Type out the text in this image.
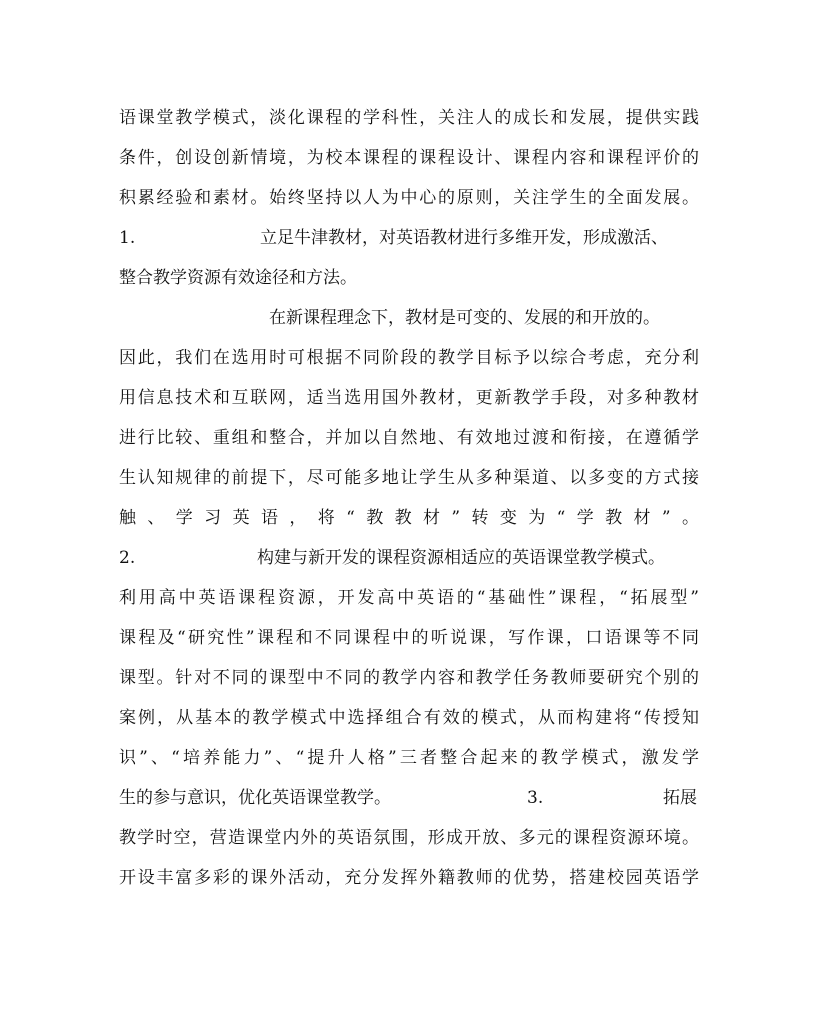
语课堂教学模式，淡化课程的学科性，关注人的成长和发展，提供实践
条件，创设创新情境，为校本课程的课程设计、课程内容和课程评价的
积累经验和素材。始终坚持以人为中心的原则，关注学生的全面发展。
1.	立足牛津教材，对英语教材进行多维开发，形成激活、
整合教学资源有效途径和方法。
在新课程理念下，教材是可变的、发展的和开放的。
因此，我们在选用时可根据不同阶段的教学目标予以综合考虑，充分利
用信息技术和互联网，适当选用国外教材，更新教学手段，对多种教材
进行比较、重组和整合，并加以自然地、有效地过渡和衔接，在遵循学
生认知规律的前提下，尽可能多地让学生从多种渠道、以多变的方式接
触、学习英语，将“教教材”转变为“学教材”。
2.	构建与新开发的课程资源相适应的英语课堂教学模式。
利用高中英语课程资源，开发高中英语的“基础性”课程，“拓展型”
课程及“研究性”课程和不同课程中的听说课，写作课，口语课等不同
课型。针对不同的课型中不同的教学内容和教学任务教师要研究个别的
案例，从基本的教学模式中选择组合有效的模式，从而构建将“传授知
识”、“培养能力”、“提升人格”三者整合起来的教学模式，激发学
生的参与意识，优化英语课堂教学。	3.	拓展
教学时空，营造课堂内外的英语氛围，形成开放、多元的课程资源环境。
开设丰富多彩的课外活动，充分发挥外籍教师的优势，搭建校园英语学
